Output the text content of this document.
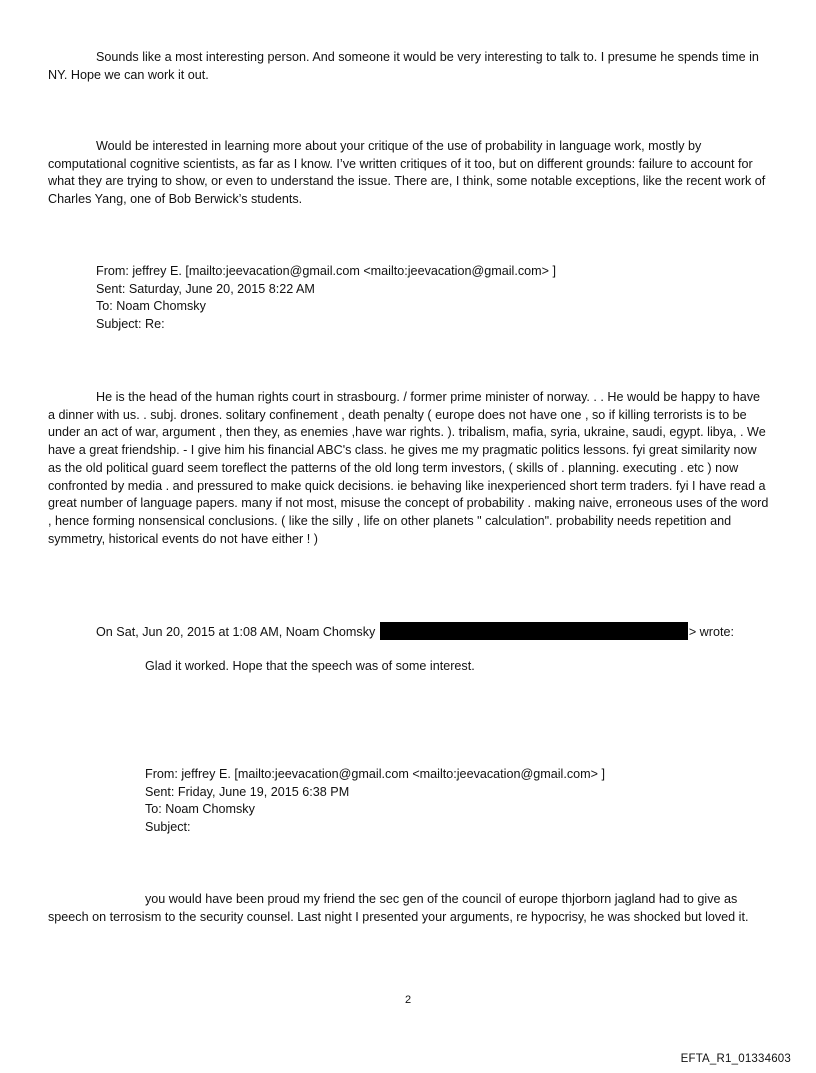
Sounds like a most interesting person. And someone it would be very interesting to talk to. I presume he spends time in NY. Hope we can work it out.
Would be interested in learning more about your critique of the use of probability in language work, mostly by computational cognitive scientists, as far as I know. I’ve written critiques of it too, but on different grounds: failure to account for what they are trying to show, or even to understand the issue. There are, I think, some notable exceptions, like the recent work of Charles Yang, one of Bob Berwick’s students.
From: jeffrey E. [mailto:jeevacation@gmail.com <mailto:jeevacation@gmail.com> ]
Sent: Saturday, June 20, 2015 8:22 AM
To: Noam Chomsky
Subject: Re:
He is the head of the human rights court in strasbourg. / former prime minister of norway. . . He would be happy to have a dinner with us. . subj. drones. solitary confinement , death penalty ( europe does not have one , so if killing terrorists is to be under an act of war, argument , then they, as enemies ,have war rights. ). tribalism, mafia, syria, ukraine, saudi, egypt. libya, . We have a great friendship. - I give him his financial ABC's class. he gives me my pragmatic politics lessons. fyi great similarity now as the old political guard seem toreflect the patterns of the old long term investors, ( skills of . planning. executing . etc ) now confronted by media . and pressured to make quick decisions. ie behaving like inexperienced short term traders. fyi I have read a great number of language papers. many if not most, misuse the concept of probability . making naive, erroneous uses of the word , hence forming nonsensical conclusions. ( like the silly , life on other planets " calculation". probability needs repetition and symmetry, historical events do not have either ! )
On Sat, Jun 20, 2015 at 1:08 AM, Noam Chomsky	> wrote:
Glad it worked. Hope that the speech was of some interest.
From: jeffrey E. [mailto:jeevacation@gmail.com <mailto:jeevacation@gmail.com> ]
Sent: Friday, June 19, 2015 6:38 PM
To: Noam Chomsky
Subject:
you would have been proud my friend the sec gen of the council of europe thjorborn jagland had to give as speech on terrosism to the security counsel. Last night I presented your arguments, re hypocrisy, he was shocked but loved it.
2
EFTA_R1_01334603
